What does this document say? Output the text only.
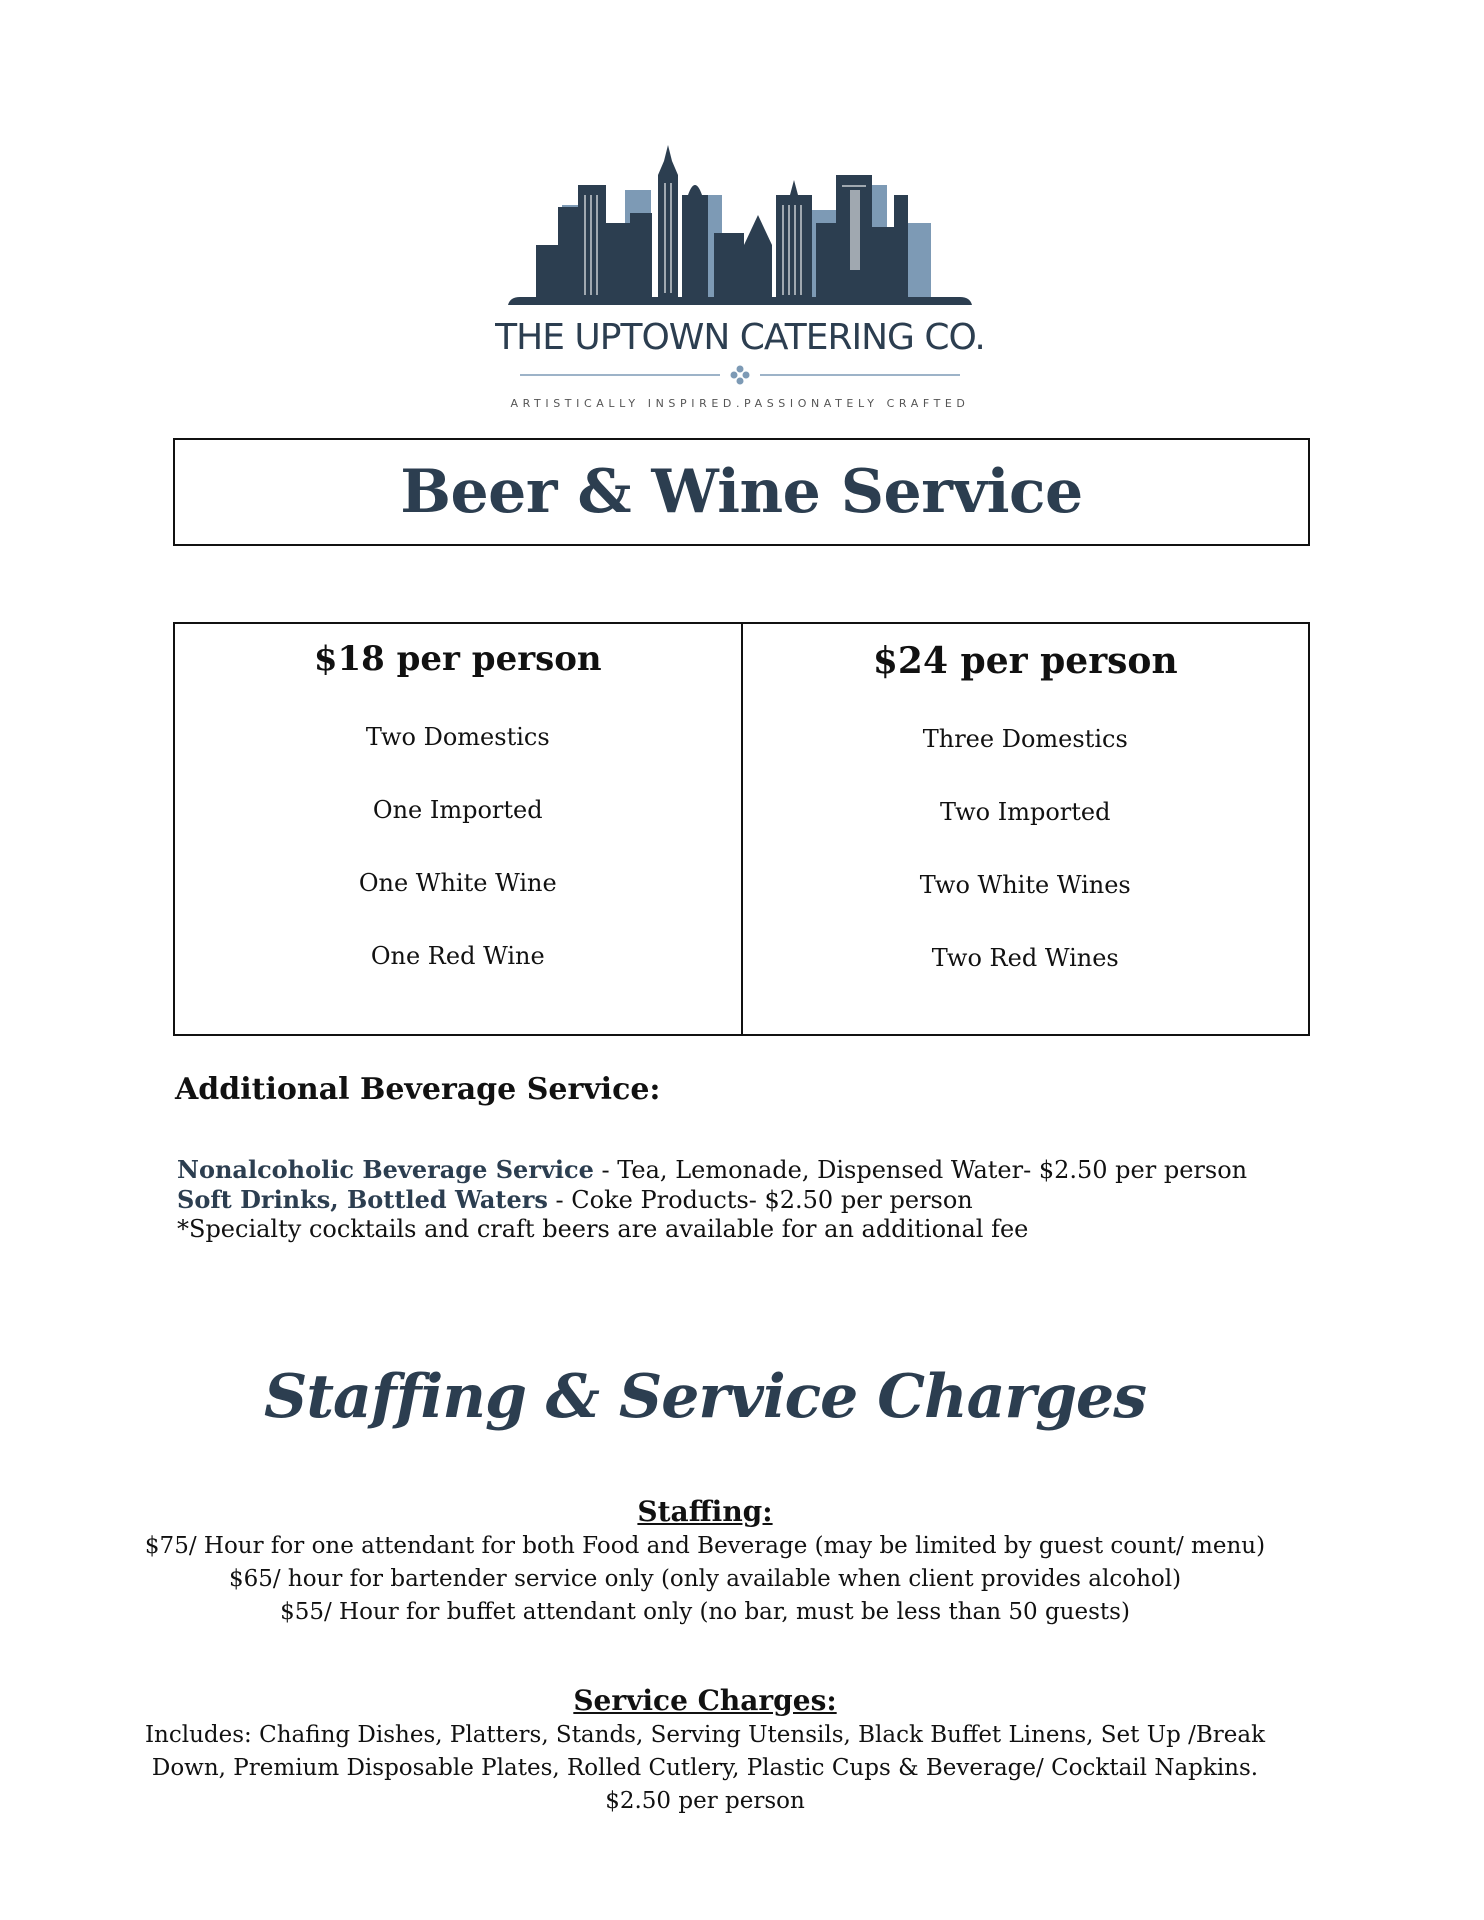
THE UPTOWN CATERING CO.
ARTISTICALLY INSPIRED.PASSIONATELY CRAFTED
Beer & Wine Service
$18 per person
Two Domestics
One Imported
One White Wine
One Red Wine
$24 per person
Three Domestics
Two Imported
Two White Wines
Two Red Wines
Additional Beverage Service:
Nonalcoholic Beverage Service - Tea, Lemonade, Dispensed Water- $2.50 per person
Soft Drinks, Bottled Waters - Coke Products- $2.50 per person
*Specialty cocktails and craft beers are available for an additional fee
Staffing & Service Charges
Staffing:
$75/ Hour for one attendant for both Food and Beverage (may be limited by guest count/ menu)
$65/ hour for bartender service only (only available when client provides alcohol)
$55/ Hour for buffet attendant only (no bar, must be less than 50 guests)
Service Charges:
Includes: Chafing Dishes, Platters, Stands, Serving Utensils, Black Buffet Linens, Set Up /Break
Down, Premium Disposable Plates, Rolled Cutlery, Plastic Cups & Beverage/ Cocktail Napkins.
$2.50 per person
